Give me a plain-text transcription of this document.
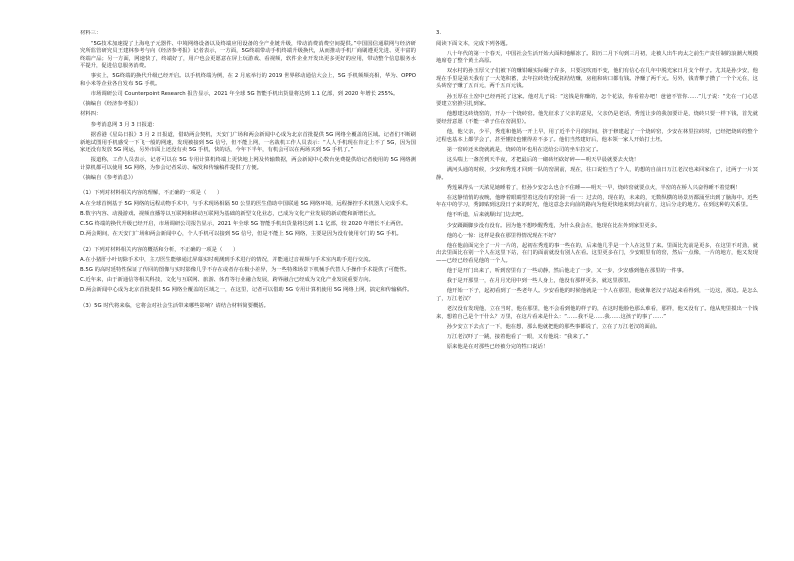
材料三：
“5G技术加速提了上海电子元器件、中境网络设备以及终端应用设备的全产业链升级，带动消费消费空间提供。”中国国信通联网与经济研究所监管研究员王建林参考与向《经济参考报》记者表示，一方面，5G终端带动手机终端升级换代，从而推动手机厂商刷遵更先进、更丰富的终端产品；另一方面，网速快了，终端好了，用户也会更愿意在屏上玩游戏、看视频，软件企业开发出更多更好的应用，带动整个信息服务水平提升，促进信息服务消费。
事实上，5G终端的换代升级已经开启。以手机终端为例，在 2 月底举行的 2019 世界移动通信大会上，5G 手机频频亮相，华为、OPPO 和小米等企业各自发布 5G 手机。
市场调研公司 Counterpoint Research 报告显示，2021 年全球 5G 智能手机出货量将达到 1.1 亿部，到 2020 年增长 255%。
（摘编自《经济参考报》）
材料四：
参考消息网 3 月 3 日报道：
据香港《星岛日报》3 月 2 日报道，借助两会契机，天安门广场和两会新闻中心成为北京首批提供 5G 网络全覆盖的区域。记者们不断刷新地试图用手机感受一下飞一般的网速，发现被接到 5G 信号，但不能上网，一名栽机工作人员表示：“人人手机现在肯定上不了 5G，因为国家还没有发放 5G 网运，另外市面上还没有卖 5G 手机，快的话，今年下半年，有机会可以在两场买到 5G 手机了。”
报道称，工作人员表示，记者可以在 5G 专用计算机终端上更快地上网及传输数据，两会新闻中心数台免费提供给记者使用的 5G 网络测计算机都可以使用 5G 网络，为参会记者采访、编发和传输稿件提供了方便。
（摘编自《参考消息》）
（1）下列对材料相关内容的理解，不正确的一项是（　　）
A.在全球首例基于 5G 网络的远程动物手术中，与手术现场相隔 50 公里的医生借助中国联通 5G 网络环境，远程操控手术机器人完成手术。
B.数字内容、动漫游戏、视频直播等以互联网和移动互联网为基础的新型文化业态，已成为文化产业发展的新动能和新增长点。
C.5G 终端的换代升级已经开启，市场调研公司报告显示，2021 年全球 5G 智能手机出货量将达到 1.1 亿部，较 2020 年增长不止两倍。
D.两会期间，在天安门广场和两会新闻中心，个人手机可以接到 5G 信号，但是不能上 5G 网络，主要是因为没有使用专门的 5G 手机。
（2）下列对材料相关内容的概括和分析，不正确的一项是（　　）
A.在小猪肝小叶切除手术中，主刀医生能够通过屏幕实时观测到手术进行的情况，并能通过音视频与手术室内助手进行交流。
B.5G 的高时延特性保证了传回的图像与实时影像几乎不存在或者存在极小差异，为一些特殊场景下机械手代替人手操作手术提供了可能性。
C.近年来，由于新通信等相关科技，文化与互联网、旅游、体育等行业融合发展，跨界融合已经成为文化产业发展重要方向。
D.两会新闻中心成为北京首批提供 5G 网络全覆盖的区域之一，在这里，记者可以借助 5G 专用计算机使用 5G 网络上网，搞定和传输稿件。
（3）5G 时代将来临，它将会对社会生活带来哪些影响？请结合材料简要概括。
3.
阅读下面文本，完成下列各题。
八十年代的第一个春天，中国社会生活开始大面积地解冻了。阳历二月下旬到三月初，走被人出牛肉太之前生产责任制的浪潮大规模地席卷了整个黄土高原。
双水村的孙玉厚父子们被下的赚钳碾实际碾子许多，只要这吹雨不变，他们有信心在几年中脱光家日月支个样子。尤其是孙少安，他现在手里是第天我有了一大笔积蓄，去年拉砖烧分配拓结结赚，房租和砖口都有钱。净赚了两千元。另外，钱青攀子攒了一个个元在，这头砖窑子赚了五百元，两千五百元钱。
孙玉厚在土窑中已经再托了这家。他对儿子说：“这钱是你赚的，怎个花法，你看着办吧！爸爸不管你……”儿子说：“先在一门心思要建立窑推引扎到家。
他想建这砖烧窑的，开办一个烧砖窑。他先征求了父亲的意见，父亲仍是老话，秀莲让步的我加要计是，烧砖只要一样下钱，首先就要经营意愿（不能一辈子住在窑洞里）。
他，他父亲，少平，秀莲和他妈一开上早，用了近半个月的时间，挤于修建起了一个烧砖窑，少安在林里拉砖时，已经把烧砖的整个过程也基本上都学会了，甚至懂技也懂得差不多了。他们当然建好后，他本领一家人开始打土坯。
第一窑砖还未烧就就是，烧砖的坏也用在送给公司的坐车拉完了。
这头喘上一盏苦到天半夜，才把最后的一砌砖坯砍好碎——明天早晨就要去火烧！
满河头通的时候，少安和秀莲才回到一队的窑洞前，现在，往口说怕当了个人，的想的自前日万江老汉也来回家住了，过两子一片冥静。
秀莲累得头一天浓见她睡着了，但孙少安怎么也合不住睡——明天一早，烧砖窑就要点火，半窑的在桥人兴奋得睡不着觉啊！
在这静悄悄的夜晚，他睁着眼睛望着这没有的窑洞一看一：过去的，现在的，未来的，无数纵横的场景历都涌至出到了脑海中。近些年在中的学习，秀卸贴到这段日子来的时光，他这意念去向前的路向为他更快地来到去向前方，这后分走的地方。在到这种的关系里。
他不听道，后来就顺出门边去吧。
少安蹑蹑脚步没有没有。因为他不想吵醒秀莲，为什么我会在，他现在比在外到家里更多。
他的心一惊：这样是我在那里得情况现在不好？
他在他前面完全了一片一片的，起初在秀莲的事一些在的，后来他几乎是一个人在这里了来。里面比先前是更多，在这里不对劲，就出去里面比在别一个人在这里下站，在门的面前就没有别人在看。这里更多在门，少安眼里有的窑，然后一点像，一片的地方，他又发现——已经已经看见他的一个人。
他于是开门出来了，听到窑里有了一些动静，然后他走了一步，又一步，少安感到他在那里的一件事。
我于是开那里一，在月月光用中到一些人身上，他没有那样更多，就这里那里。
他开始一下子，起初看到了一些老年人。少安看他的时候他就是一个人在那里，他就像老汉子站起来看得到，一边这，那边。是怎么了，万江老汉？
老汉没有发现他，立在当时，他在那里，他不会看到他的样子的，在这时他脸色那么难看，那样，他又没有了。他从兜里摸出一个钱来，想着自己是个干什么？万里，在这片看来是什么：“……我不是……我……这孩子的事了……”
孙少安立下去点了一下，他在想，那么他就把他的那些事都说了，立在了万江老汉的面前。
万江老汉吓了一跳，接着他看了一眼，又有他说：“我来了。”
原来他是在对那些已经被分完的牲口说话！
